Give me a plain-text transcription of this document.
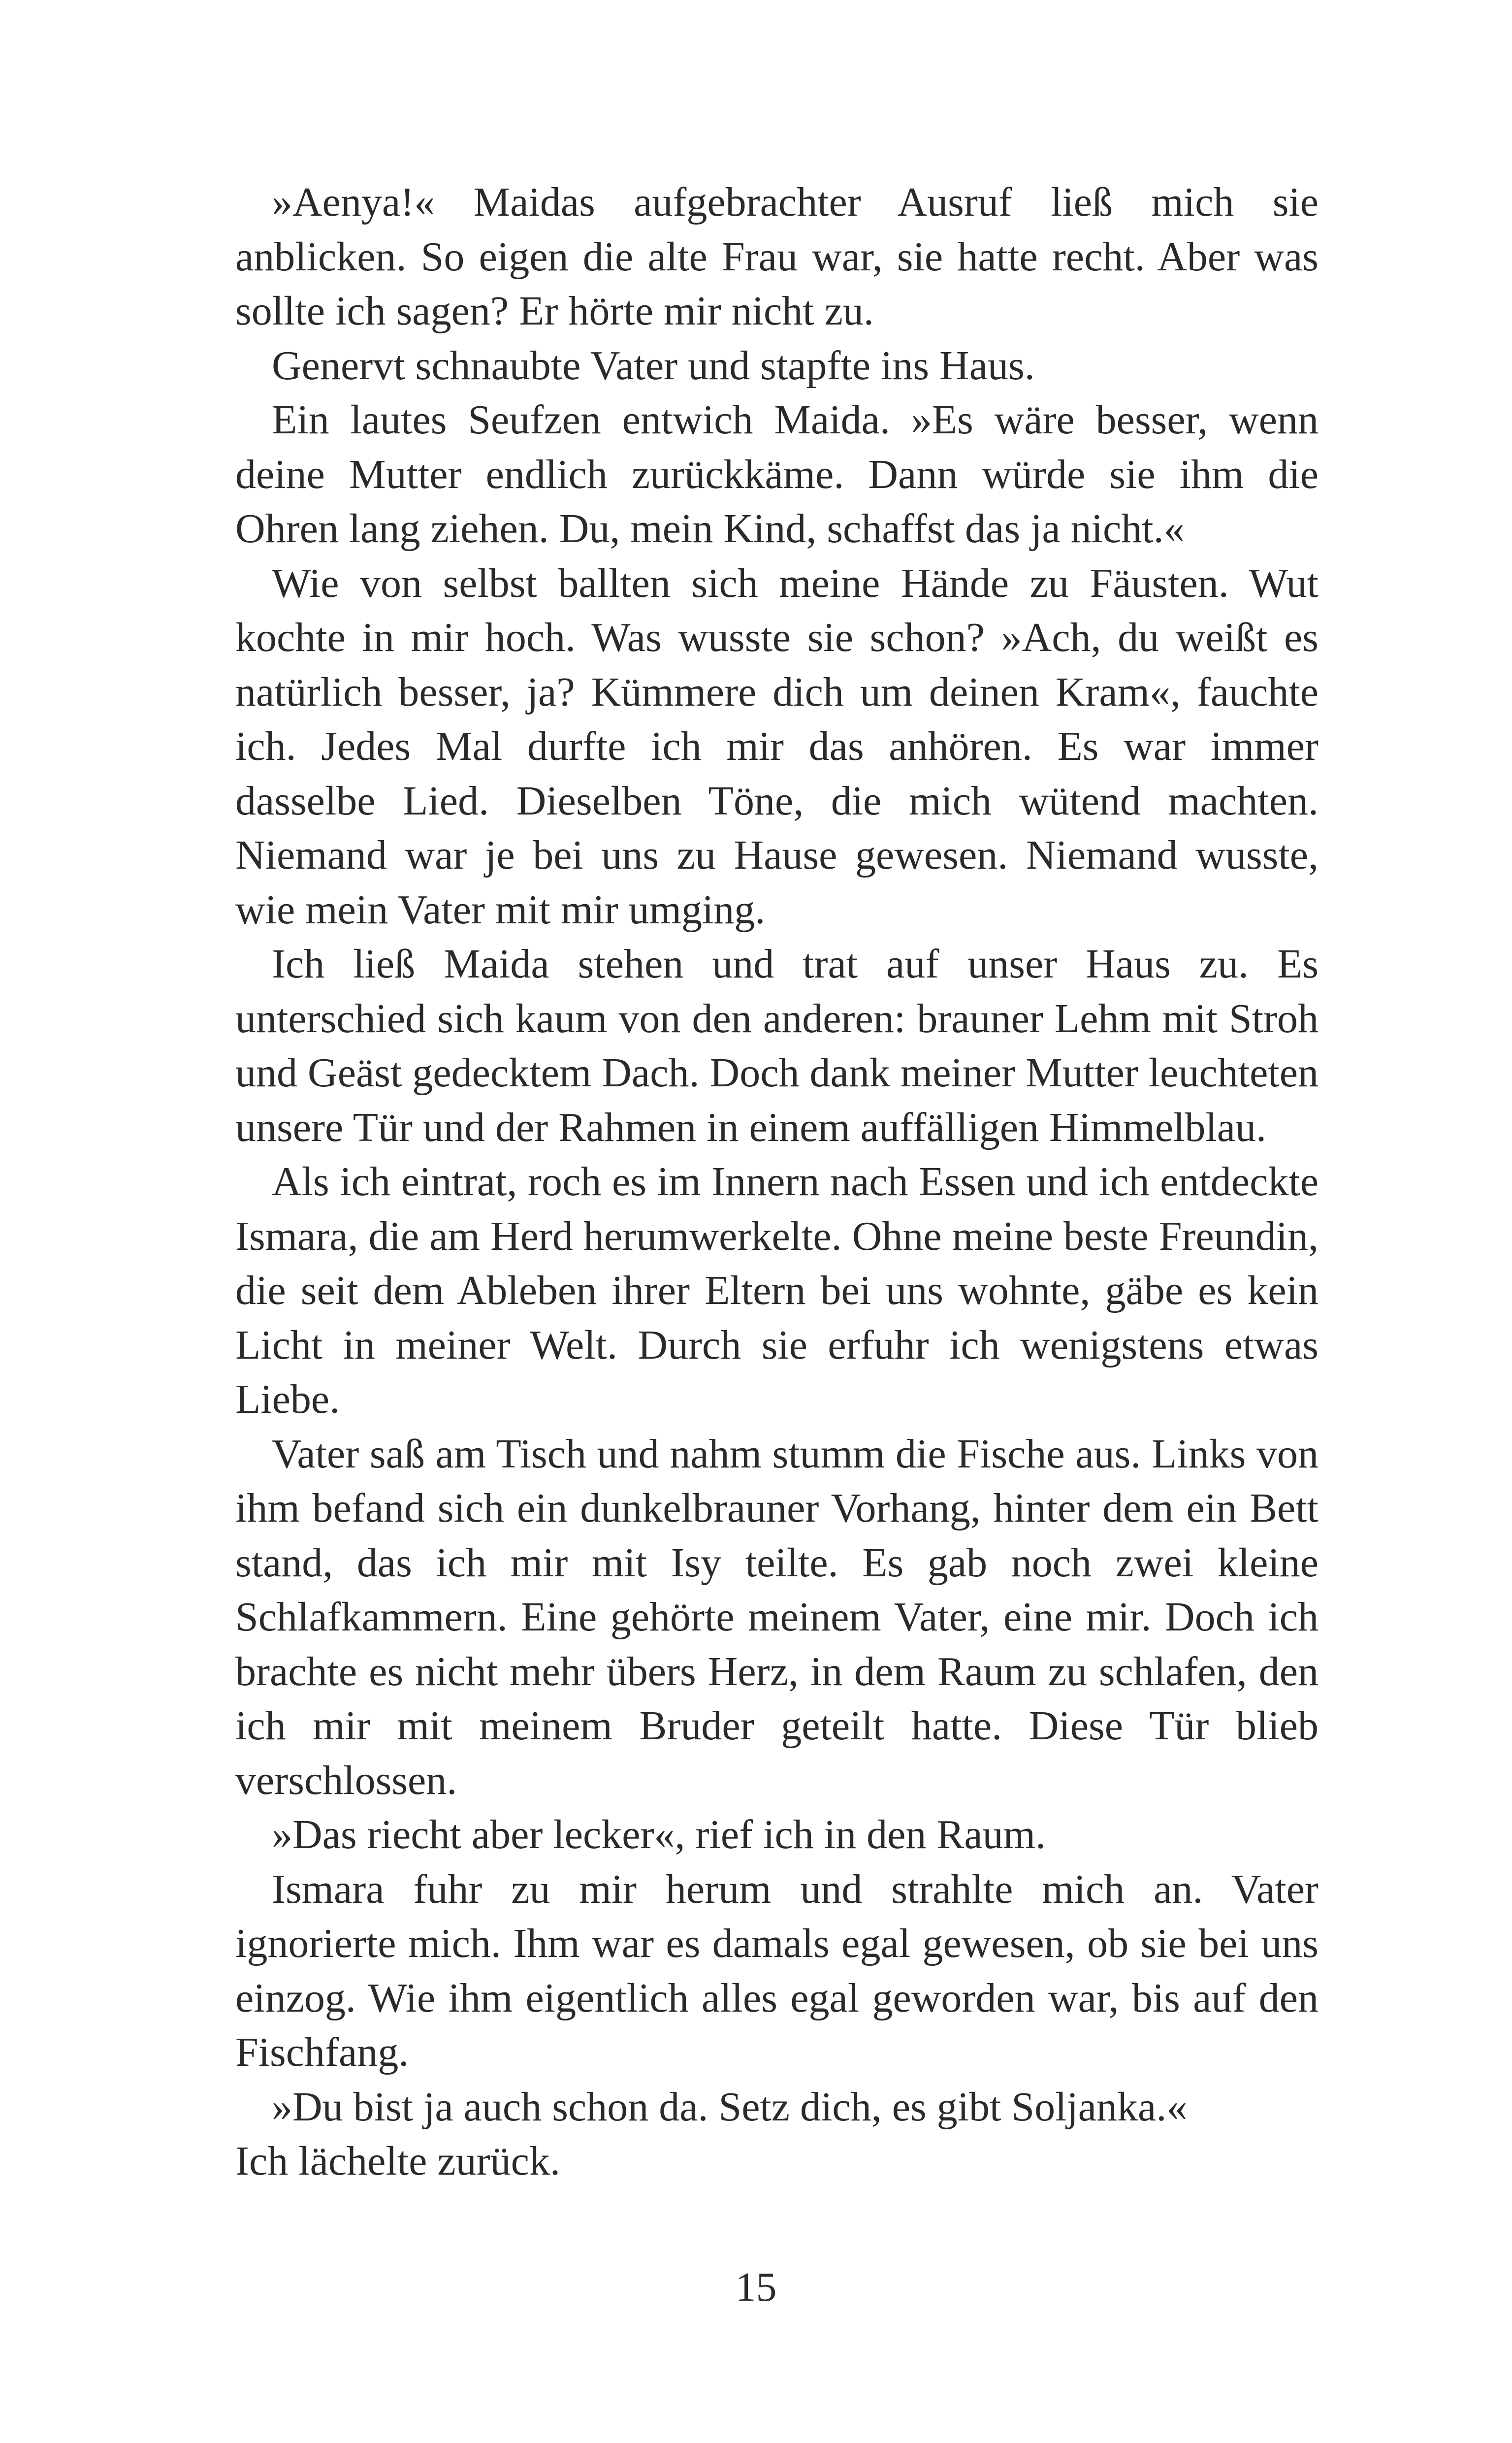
»Aenya!« Maidas aufgebrachter Ausruf ließ mich sie anblicken. So eigen die alte Frau war, sie hatte recht. Aber was sollte ich sagen? Er hörte mir nicht zu.

Genervt schnaubte Vater und stapfte ins Haus.

Ein lautes Seufzen entwich Maida. »Es wäre besser, wenn deine Mutter endlich zurückkäme. Dann würde sie ihm die Ohren lang ziehen. Du, mein Kind, schaffst das ja nicht.«

Wie von selbst ballten sich meine Hände zu Fäusten. Wut kochte in mir hoch. Was wusste sie schon? »Ach, du weißt es natürlich besser, ja? Kümmere dich um deinen Kram«, fauchte ich. Jedes Mal durfte ich mir das anhören. Es war immer dasselbe Lied. Dieselben Töne, die mich wütend machten. Niemand war je bei uns zu Hause gewesen. Niemand wusste, wie mein Vater mit mir umging.

Ich ließ Maida stehen und trat auf unser Haus zu. Es unterschied sich kaum von den anderen: brauner Lehm mit Stroh und Geäst gedecktem Dach. Doch dank meiner Mutter leuchteten unsere Tür und der Rahmen in einem auffälligen Himmelblau.

Als ich eintrat, roch es im Innern nach Essen und ich entdeckte Ismara, die am Herd herumwerkelte. Ohne meine beste Freundin, die seit dem Ableben ihrer Eltern bei uns wohnte, gäbe es kein Licht in meiner Welt. Durch sie erfuhr ich wenigstens etwas Liebe.

Vater saß am Tisch und nahm stumm die Fische aus. Links von ihm befand sich ein dunkelbrauner Vorhang, hinter dem ein Bett stand, das ich mir mit Isy teilte. Es gab noch zwei kleine Schlafkammern. Eine gehörte meinem Vater, eine mir. Doch ich brachte es nicht mehr übers Herz, in dem Raum zu schlafen, den ich mir mit meinem Bruder geteilt hatte. Diese Tür blieb verschlossen.

»Das riecht aber lecker«, rief ich in den Raum.

Ismara fuhr zu mir herum und strahlte mich an. Vater ignorierte mich. Ihm war es damals egal gewesen, ob sie bei uns einzog. Wie ihm eigentlich alles egal geworden war, bis auf den Fischfang.

»Du bist ja auch schon da. Setz dich, es gibt Soljanka.«

Ich lächelte zurück.

15
